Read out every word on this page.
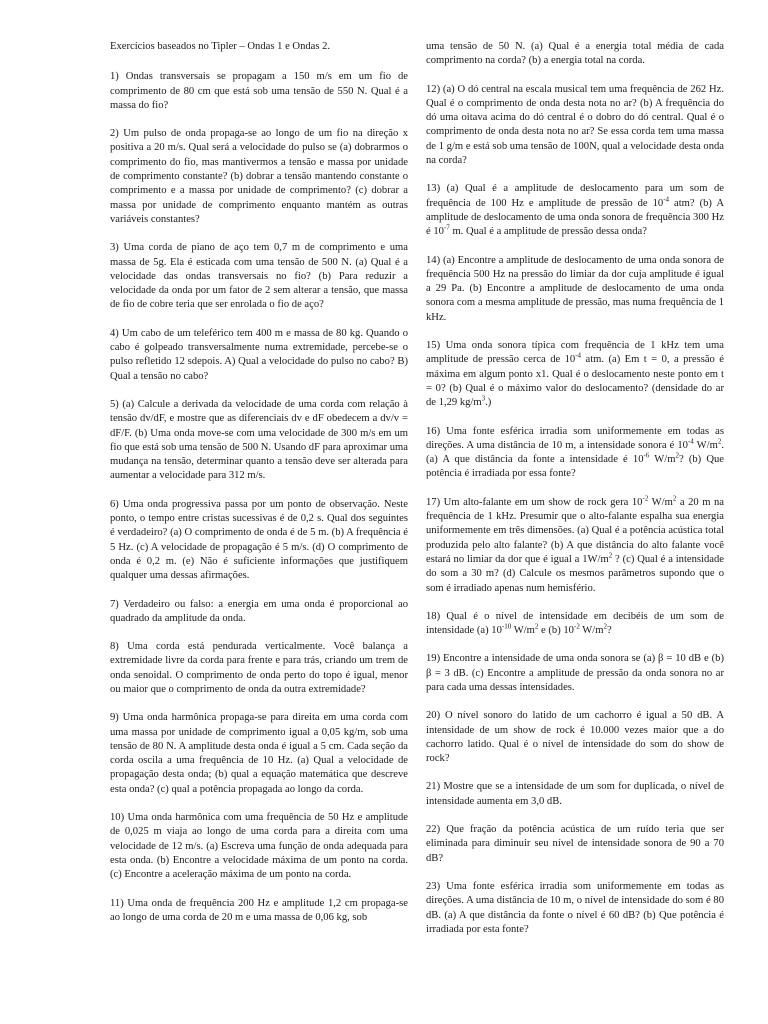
Exercícios baseados no Tipler – Ondas 1 e Ondas 2.

1) Ondas transversais se propagam a 150 m/s em um fio de comprimento de 80 cm que está sob uma tensão de 550 N. Qual é a massa do fio?

2) Um pulso de onda propaga-se ao longo de um fio na direção x positiva a 20 m/s. Qual será a velocidade do pulso se (a) dobrarmos o comprimento do fio, mas mantivermos a tensão e massa por unidade de comprimento constante? (b) dobrar a tensão mantendo constante o comprimento e a massa por unidade de comprimento? (c) dobrar a massa por unidade de comprimento enquanto mantém as outras variáveis constantes?

3) Uma corda de piano de aço tem 0,7 m de comprimento e uma massa de 5g. Ela é esticada com uma tensão de 500 N. (a) Qual é a velocidade das ondas transversais no fio? (b) Para reduzir a velocidade da onda por um fator de 2 sem alterar a tensão, que massa de fio de cobre teria que ser enrolada o fio de aço?

4) Um cabo de um teleférico tem 400 m e massa de 80 kg. Quando o cabo é golpeado transversalmente numa extremidade, percebe-se o pulso refletido 12 sdepois. A) Qual a velocidade do pulso no cabo? B) Qual a tensão no cabo?

5) (a) Calcule a derivada da velocidade de uma corda com relação à tensão dv/dF, e mostre que as diferenciais dv e dF obedecem a dv/v = dF/F. (b) Uma onda move-se com uma velocidade de 300 m/s em um fio que está sob uma tensão de 500 N. Usando dF para aproximar uma mudança na tensão, determinar quanto a tensão deve ser alterada para aumentar a velocidade para 312 m/s.

6) Uma onda progressiva passa por um ponto de observação. Neste ponto, o tempo entre cristas sucessivas é de 0,2 s. Qual dos seguintes é verdadeiro? (a) O comprimento de onda é de 5 m. (b) A frequência é 5 Hz. (c) A velocidade de propagação é 5 m/s. (d) O comprimento de onda é 0,2 m. (e) Não é suficiente informações que justifiquem qualquer uma dessas afirmações.

7) Verdadeiro ou falso: a energia em uma onda é proporcional ao quadrado da amplitude da onda.

8) Uma corda está pendurada verticalmente. Você balança a extremidade livre da corda para frente e para trás, criando um trem de onda senoidal. O comprimento de onda perto do topo é igual, menor ou maior que o comprimento de onda da outra extremidade?

9) Uma onda harmônica propaga-se para direita em uma corda com uma massa por unidade de comprimento igual a 0,05 kg/m, sob uma tensão de 80 N. A amplitude desta onda é igual a 5 cm. Cada seção da corda oscila a uma frequência de 10 Hz. (a) Qual a velocidade de propagação desta onda; (b) qual a equação matemática que descreve esta onda? (c) qual a potência propagada ao longo da corda.

10) Uma onda harmônica com uma frequência de 50 Hz e amplitude de 0,025 m viaja ao longo de uma corda para a direita com uma velocidade de 12 m/s. (a) Escreva uma função de onda adequada para esta onda. (b) Encontre a velocidade máxima de um ponto na corda. (c) Encontre a aceleração máxima de um ponto na corda.

11) Uma onda de frequência 200 Hz e amplitude 1,2 cm propaga-se ao longo de uma corda de 20 m e uma massa de 0,06 kg, sob

uma tensão de 50 N. (a) Qual é a energia total média de cada comprimento na corda? (b) a energia total na corda.

12) (a) O dó central na escala musical tem uma frequência de 262 Hz. Qual é o comprimento de onda desta nota no ar? (b) A frequência do dó uma oitava acima do dó central é o dobro do dó central. Qual é o comprimento de onda desta nota no ar? Se essa corda tem uma massa de 1 g/m e está sob uma tensão de 100N, qual a velocidade desta onda na corda?

13) (a) Qual é a amplitude de deslocamento para um som de frequência de 100 Hz e amplitude de pressão de $10^{-4}$ atm? (b) A amplitude de deslocamento de uma onda sonora de frequência 300 Hz é $10^{-7}$ m. Qual é a amplitude de pressão dessa onda?

14) (a) Encontre a amplitude de deslocamento de uma onda sonora de frequência 500 Hz na pressão do limiar da dor cuja amplitude é igual a 29 Pa. (b) Encontre a amplitude de deslocamento de uma onda sonora com a mesma amplitude de pressão, mas numa frequência de 1 kHz.

15) Uma onda sonora típica com frequência de 1 kHz tem uma amplitude de pressão cerca de $10^{-4}$ atm. (a) Em t = 0, a pressão é máxima em algum ponto x1. Qual é o deslocamento neste ponto em t = 0? (b) Qual é o máximo valor do deslocamento? (densidade do ar de 1,29 $kg/m^3$.)

16) Uma fonte esférica irradia som uniformemente em todas as direções. A uma distância de 10 m, a intensidade sonora é $10^{-4}$ $W/m^2$. (a) A que distância da fonte a intensidade é $10^{-6}$ $W/m^2$? (b) Que potência é irradiada por essa fonte?

17) Um alto-falante em um show de rock gera $10^{-2}$ $W/m^2$ a 20 m na frequência de 1 kHz. Presumir que o alto-falante espalha sua energia uniformemente em três dimensões. (a) Qual é a potência acústica total produzida pelo alto falante? (b) A que distância do alto falante você estará no limiar da dor que é igual a $1W/m^2$ ? (c) Qual é a intensidade do som a 30 m? (d) Calcule os mesmos parâmetros supondo que o som é irradiado apenas num hemisfério.

18) Qual é o nível de intensidade em decibéis de um som de intensidade (a) $10^{-10}$ $W/m^2$ e (b) $10^{-2}$ $W/m^2$?

19) Encontre a intensidade de uma onda sonora se (a) β = 10 dB e (b) β = 3 dB. (c) Encontre a amplitude de pressão da onda sonora no ar para cada uma dessas intensidades.

20) O nível sonoro do latido de um cachorro é igual a 50 dB. A intensidade de um show de rock é 10.000 vezes maior que a do cachorro latido. Qual é o nível de intensidade do som do show de rock?

21) Mostre que se a intensidade de um som for duplicada, o nível de intensidade aumenta em 3,0 dB.

22) Que fração da potência acústica de um ruído teria que ser eliminada para diminuir seu nível de intensidade sonora de 90 a 70 dB?

23) Uma fonte esférica irradia som uniformemente em todas as direções. A uma distância de 10 m, o nível de intensidade do som é 80 dB. (a) A que distância da fonte o nível é 60 dB? (b) Que potência é irradiada por esta fonte?
